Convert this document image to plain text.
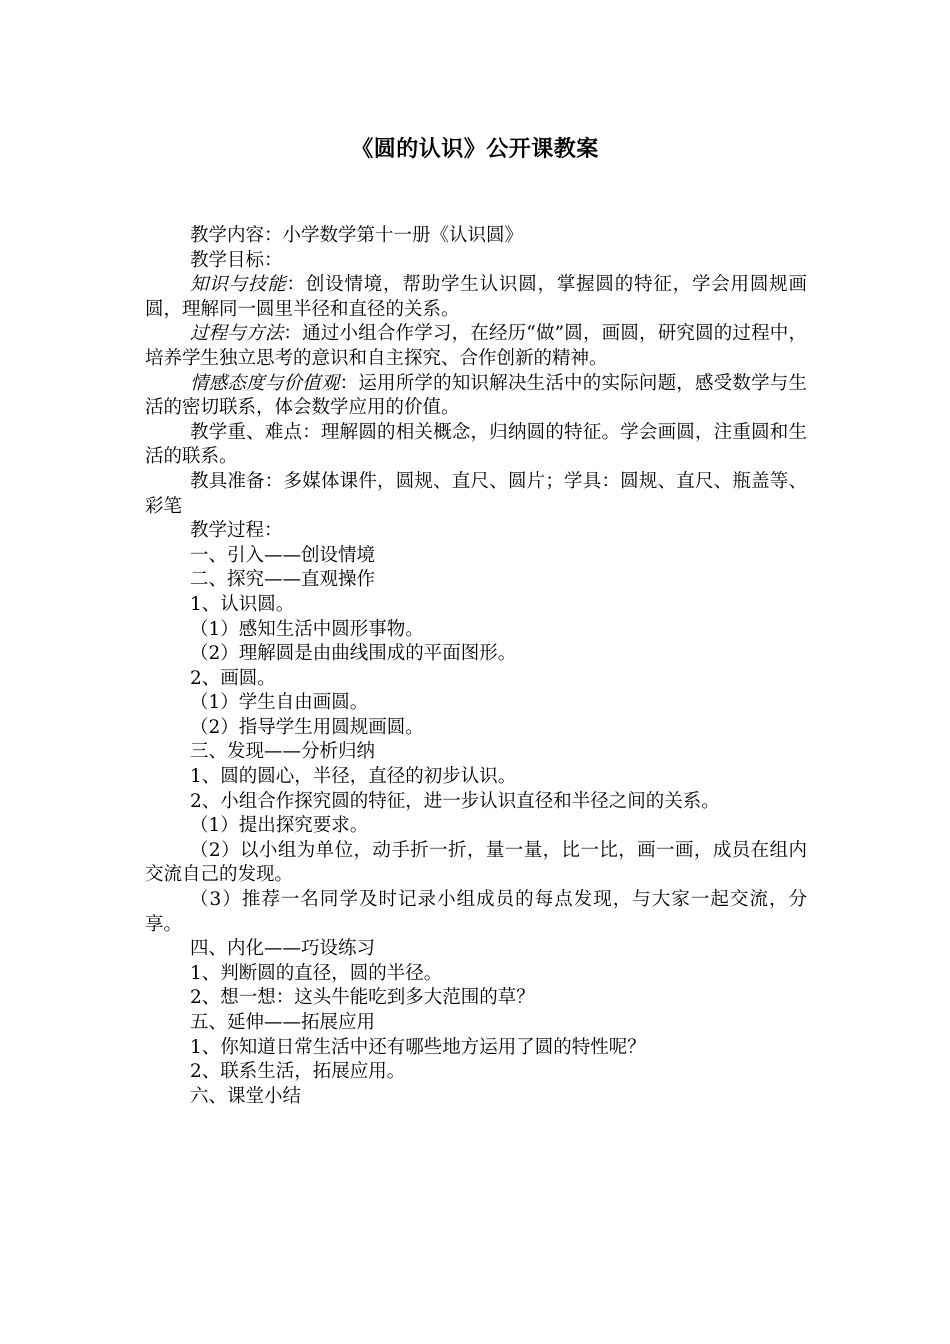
《圆的认识》公开课教案

教学内容：小学数学第十一册《认识圆》

教学目标：

知识与技能：创设情境，帮助学生认识圆，掌握圆的特征，学会用圆规画圆，理解同一圆里半径和直径的关系。

过程与方法：通过小组合作学习，在经历“做”圆，画圆，研究圆的过程中，培养学生独立思考的意识和自主探究、合作创新的精神。

情感态度与价值观：运用所学的知识解决生活中的实际问题，感受数学与生活的密切联系，体会数学应用的价值。

教学重、难点：理解圆的相关概念，归纳圆的特征。学会画圆，注重圆和生活的联系。

教具准备：多媒体课件，圆规、直尺、圆片；学具：圆规、直尺、瓶盖等、彩笔

教学过程：

一、引入——创设情境

二、探究——直观操作

1、认识圆。

（1）感知生活中圆形事物。

（2）理解圆是由曲线围成的平面图形。

2、画圆。

（1）学生自由画圆。

（2）指导学生用圆规画圆。

三、发现——分析归纳

1、圆的圆心，半径，直径的初步认识。

2、小组合作探究圆的特征，进一步认识直径和半径之间的关系。

（1）提出探究要求。

（2）以小组为单位，动手折一折，量一量，比一比，画一画，成员在组内交流自己的发现。

（3）推荐一名同学及时记录小组成员的每点发现，与大家一起交流，分享。

四、内化——巧设练习

1、判断圆的直径，圆的半径。

2、想一想：这头牛能吃到多大范围的草？

五、延伸——拓展应用

1、你知道日常生活中还有哪些地方运用了圆的特性呢？

2、联系生活，拓展应用。

六、课堂小结
